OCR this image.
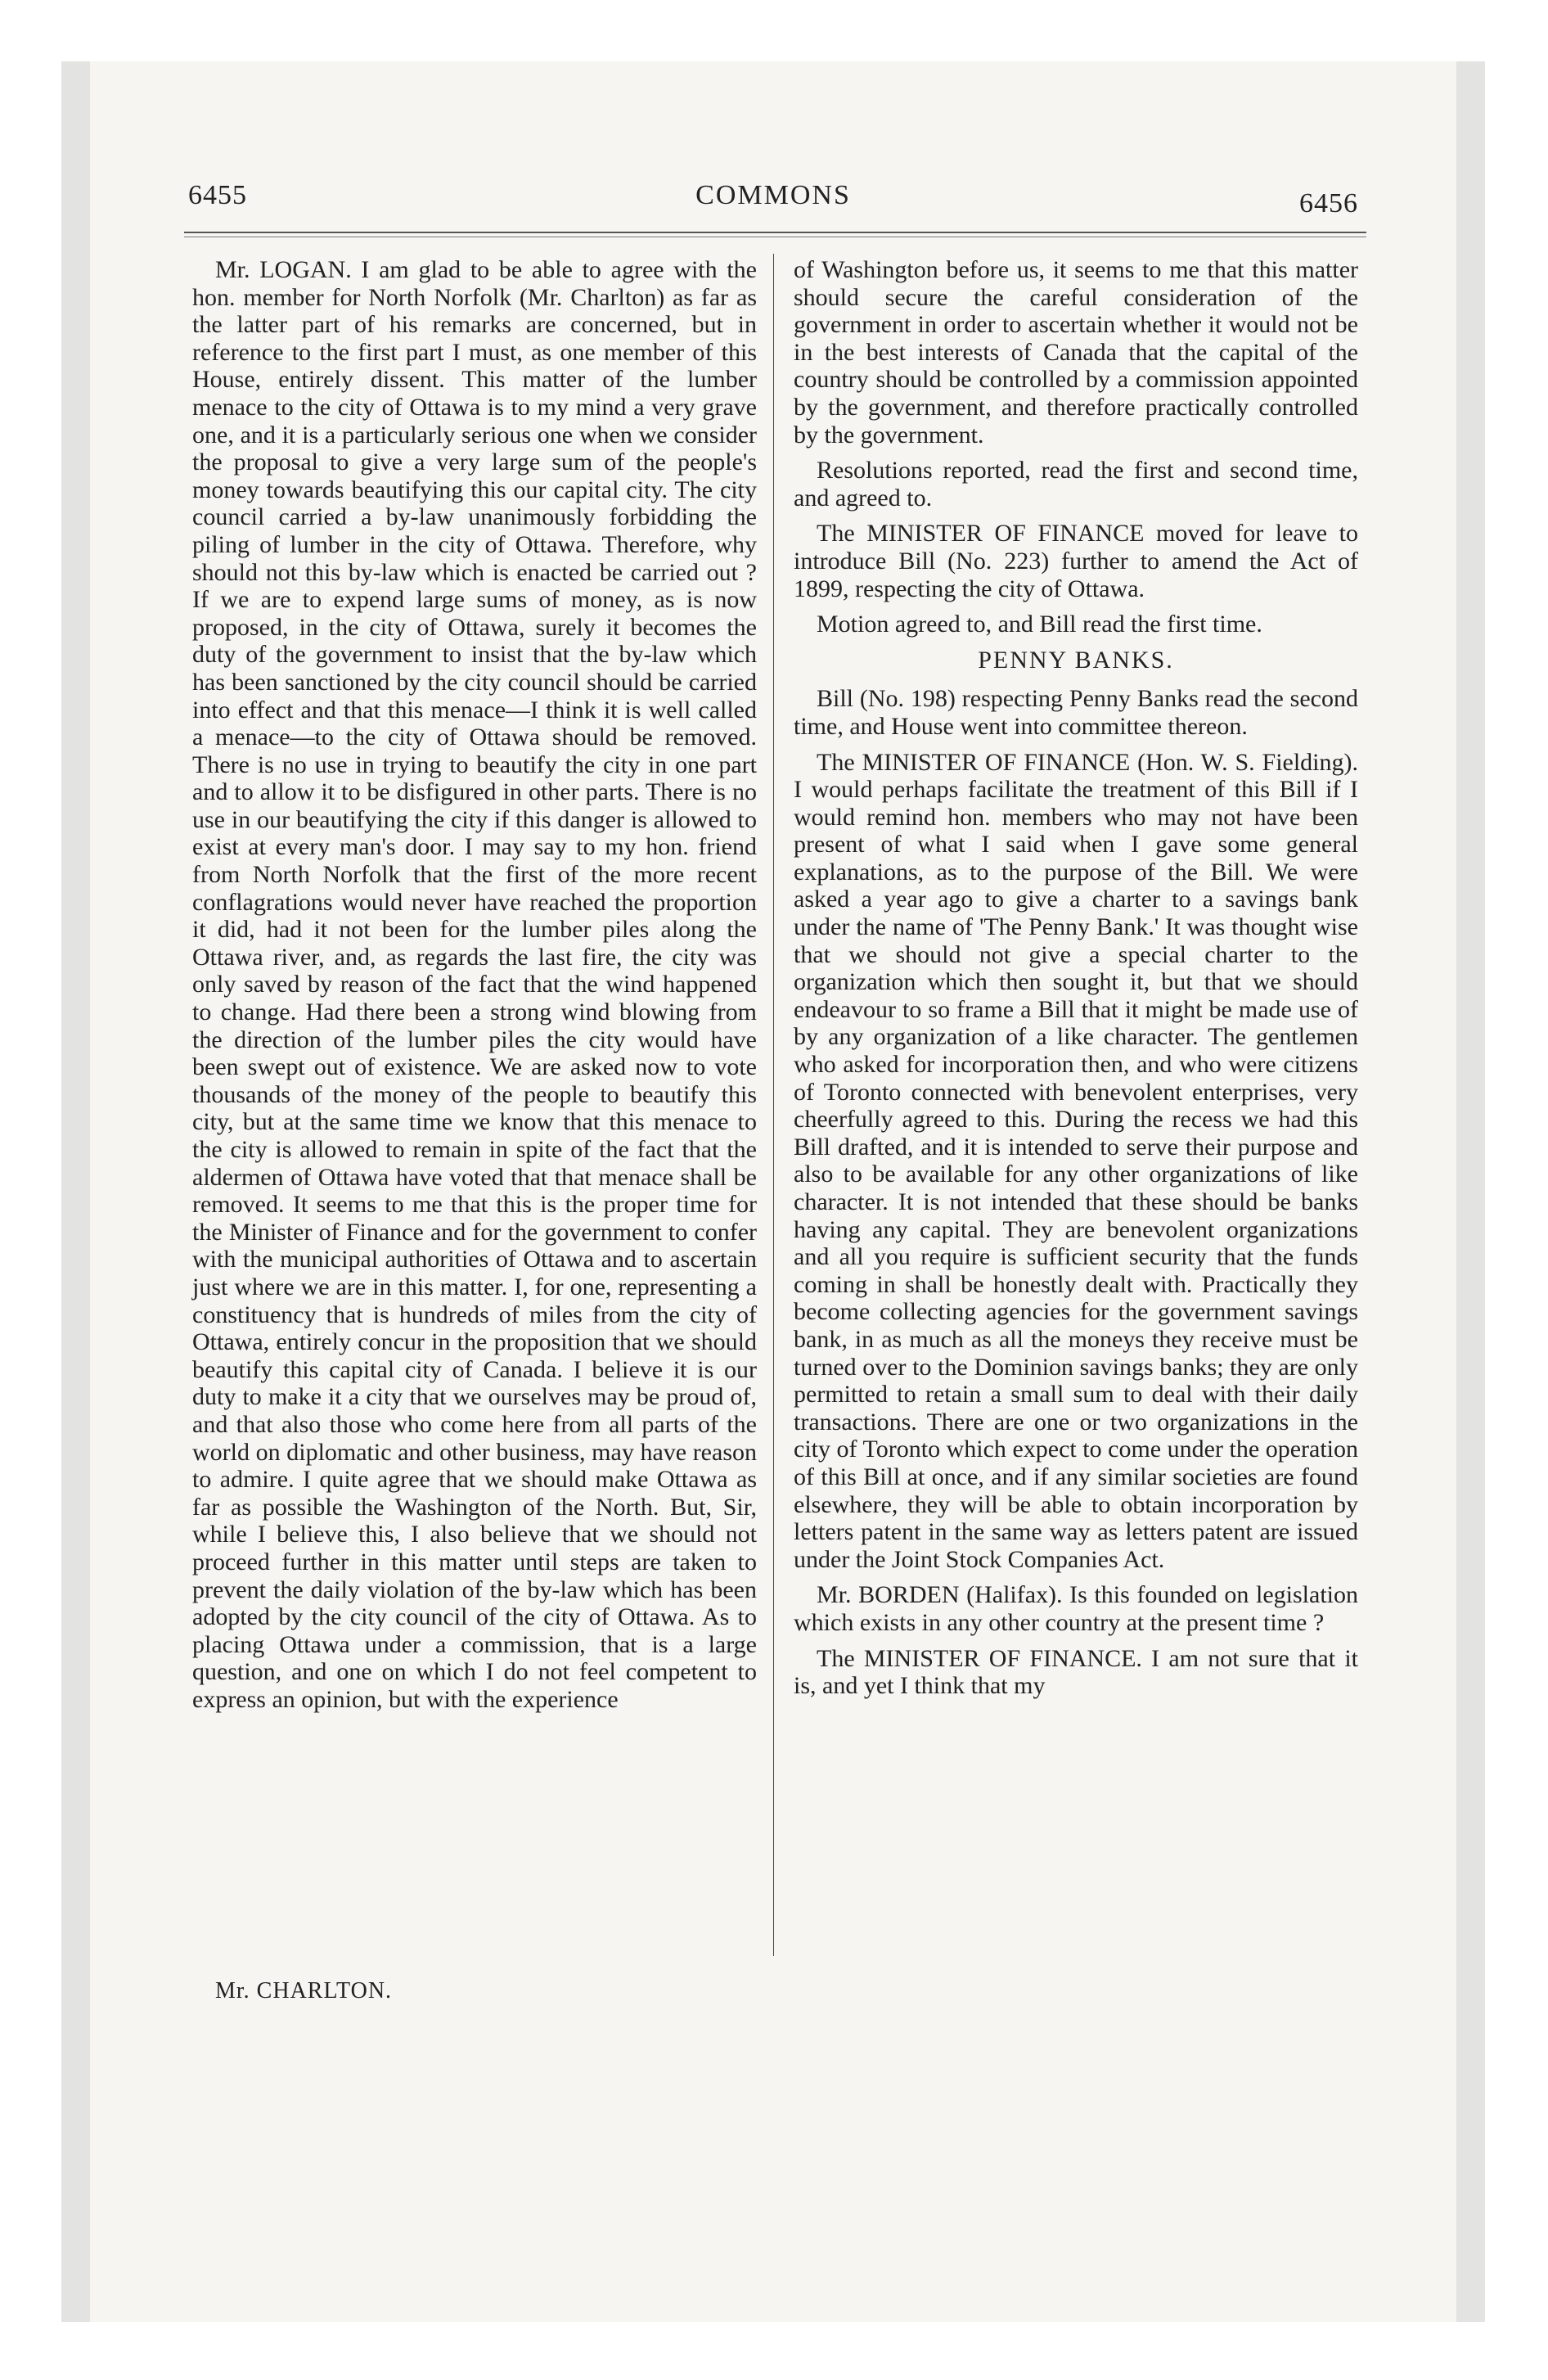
6455	COMMONS	6456

Mr. LOGAN. I am glad to be able to agree with the hon. member for North Norfolk (Mr. Charlton) as far as the latter part of his remarks are concerned, but in reference to the first part I must, as one member of this House, entirely dissent. This matter of the lumber menace to the city of Ottawa is to my mind a very grave one, and it is a particularly serious one when we consider the proposal to give a very large sum of the people's money towards beautifying this our capital city. The city council carried a by-law unanimously forbidding the piling of lumber in the city of Ottawa. Therefore, why should not this by-law which is enacted be carried out ? If we are to expend large sums of money, as is now proposed, in the city of Ottawa, surely it becomes the duty of the government to insist that the by-law which has been sanctioned by the city council should be carried into effect and that this menace—I think it is well called a menace—to the city of Ottawa should be removed. There is no use in trying to beautify the city in one part and to allow it to be disfigured in other parts. There is no use in our beautifying the city if this danger is allowed to exist at every man's door. I may say to my hon. friend from North Norfolk that the first of the more recent conflagrations would never have reached the proportion it did, had it not been for the lumber piles along the Ottawa river, and, as regards the last fire, the city was only saved by reason of the fact that the wind happened to change. Had there been a strong wind blowing from the direction of the lumber piles the city would have been swept out of existence. We are asked now to vote thousands of the money of the people to beautify this city, but at the same time we know that this menace to the city is allowed to remain in spite of the fact that the aldermen of Ottawa have voted that that menace shall be removed. It seems to me that this is the proper time for the Minister of Finance and for the government to confer with the municipal authorities of Ottawa and to ascertain just where we are in this matter. I, for one, representing a constituency that is hundreds of miles from the city of Ottawa, entirely concur in the proposition that we should beautify this capital city of Canada. I believe it is our duty to make it a city that we ourselves may be proud of, and that also those who come here from all parts of the world on diplomatic and other business, may have reason to admire. I quite agree that we should make Ottawa as far as possible the Washington of the North. But, Sir, while I believe this, I also believe that we should not proceed further in this matter until steps are taken to prevent the daily violation of the by-law which has been adopted by the city council of the city of Ottawa. As to placing Ottawa under a commission, that is a large question, and one on which I do not feel competent to express an opinion, but with the experience

of Washington before us, it seems to me that this matter should secure the careful consideration of the government in order to ascertain whether it would not be in the best interests of Canada that the capital of the country should be controlled by a commission appointed by the government, and therefore practically controlled by the government.

Resolutions reported, read the first and second time, and agreed to.

The MINISTER OF FINANCE moved for leave to introduce Bill (No. 223) further to amend the Act of 1899, respecting the city of Ottawa.

Motion agreed to, and Bill read the first time.

PENNY BANKS.

Bill (No. 198) respecting Penny Banks read the second time, and House went into committee thereon.

The MINISTER OF FINANCE (Hon. W. S. Fielding). I would perhaps facilitate the treatment of this Bill if I would remind hon. members who may not have been present of what I said when I gave some general explanations, as to the purpose of the Bill. We were asked a year ago to give a charter to a savings bank under the name of 'The Penny Bank.' It was thought wise that we should not give a special charter to the organization which then sought it, but that we should endeavour to so frame a Bill that it might be made use of by any organization of a like character. The gentlemen who asked for incorporation then, and who were citizens of Toronto connected with benevolent enterprises, very cheerfully agreed to this. During the recess we had this Bill drafted, and it is intended to serve their purpose and also to be available for any other organizations of like character. It is not intended that these should be banks having any capital. They are benevolent organizations and all you require is sufficient security that the funds coming in shall be honestly dealt with. Practically they become collecting agencies for the government savings bank, in as much as all the moneys they receive must be turned over to the Dominion savings banks; they are only permitted to retain a small sum to deal with their daily transactions. There are one or two organizations in the city of Toronto which expect to come under the operation of this Bill at once, and if any similar societies are found elsewhere, they will be able to obtain incorporation by letters patent in the same way as letters patent are issued under the Joint Stock Companies Act.

Mr. BORDEN (Halifax). Is this founded on legislation which exists in any other country at the present time ?

The MINISTER OF FINANCE. I am not sure that it is, and yet I think that my

Mr. CHARLTON.
